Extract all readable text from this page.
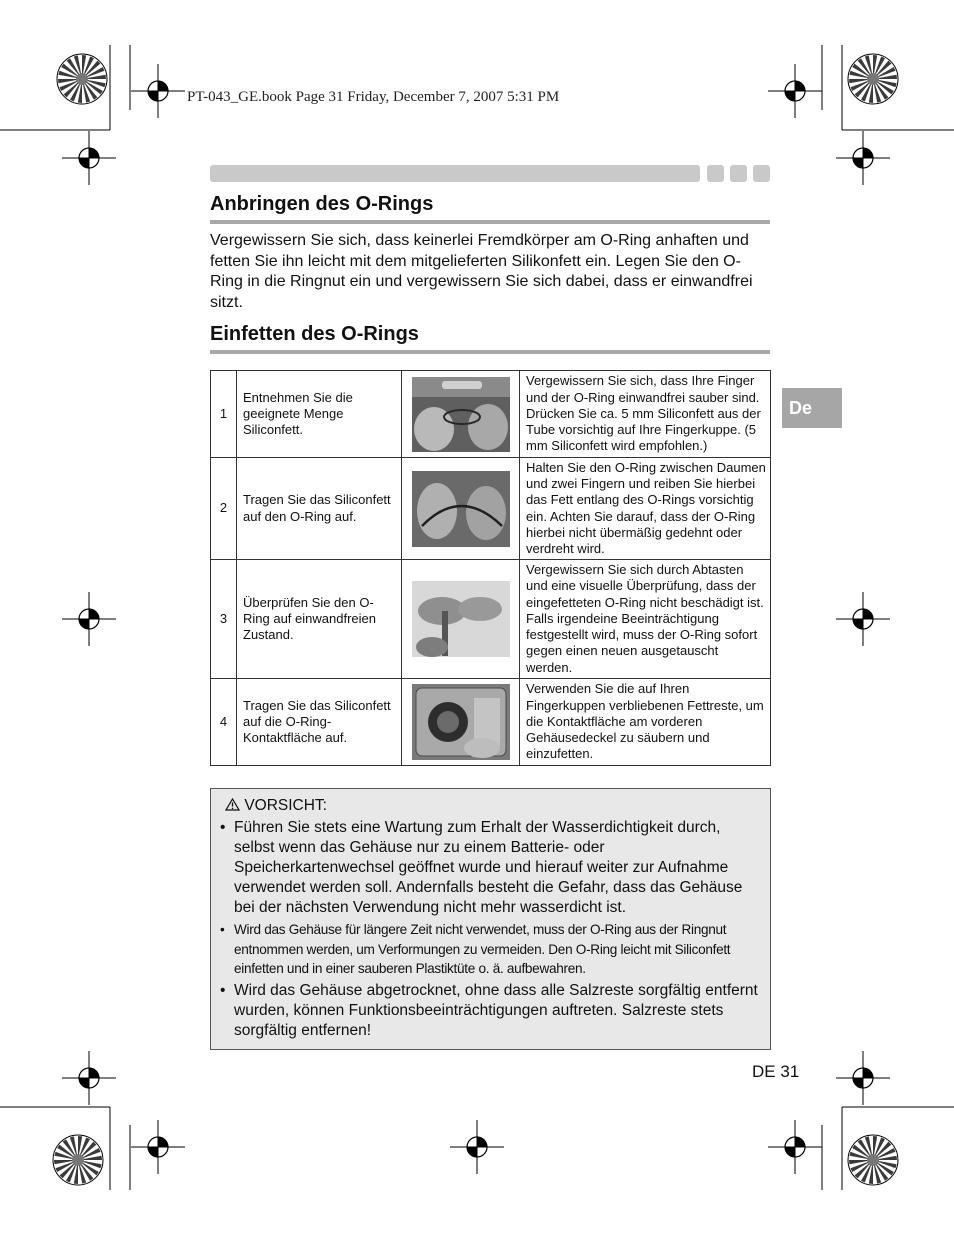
PT-043_GE.book Page 31 Friday, December 7, 2007 5:31 PM
Anbringen des O-Rings

Vergewissern Sie sich, dass keinerlei Fremdkörper am O-Ring anhaften und fetten Sie ihn leicht mit dem mitgelieferten Silikonfett ein. Legen Sie den O-Ring in die Ringnut ein und vergewissern Sie sich dabei, dass er einwandfrei sitzt.

Einfetten des O-Rings
De
1	Entnehmen Sie die geeignete Menge Siliconfett.		Vergewissern Sie sich, dass Ihre Finger und der O-Ring einwandfrei sauber sind. Drücken Sie ca. 5 mm Siliconfett aus der Tube vorsichtig auf Ihre Fingerkuppe. (5 mm Siliconfett wird empfohlen.)
2	Tragen Sie das Siliconfett auf den O-Ring auf.		Halten Sie den O-Ring zwischen Daumen und zwei Fingern und reiben Sie hierbei das Fett entlang des O-Rings vorsichtig ein. Achten Sie darauf, dass der O-Ring hierbei nicht übermäßig gedehnt oder verdreht wird.
3	Überprüfen Sie den O-Ring auf einwandfreien Zustand.		Vergewissern Sie sich durch Abtasten und eine visuelle Überprüfung, dass der eingefetteten O-Ring nicht beschädigt ist. Falls irgendeine Beeinträchtigung festgestellt wird, muss der O-Ring sofort gegen einen neuen ausgetauscht werden.
4	Tragen Sie das Siliconfett auf die O-Ring- Kontaktfläche auf.		Verwenden Sie die auf Ihren Fingerkuppen verbliebenen Fettreste, um die Kontaktfläche am vorderen Gehäusedeckel zu säubern und einzufetten.
VORSICHT:
• Führen Sie stets eine Wartung zum Erhalt der Wasserdichtigkeit durch, selbst wenn das Gehäuse nur zu einem Batterie- oder Speicherkartenwechsel geöffnet wurde und hierauf weiter zur Aufnahme verwendet werden soll. Andernfalls besteht die Gefahr, dass das Gehäuse bei der nächsten Verwendung nicht mehr wasserdicht ist.
• Wird das Gehäuse für längere Zeit nicht verwendet, muss der O-Ring aus der Ringnut entnommen werden, um Verformungen zu vermeiden. Den O-Ring leicht mit Siliconfett einfetten und in einer sauberen Plastiktüte o. ä. aufbewahren.
• Wird das Gehäuse abgetrocknet, ohne dass alle Salzreste sorgfältig entfernt wurden, können Funktionsbeeinträchtigungen auftreten. Salzreste stets sorgfältig entfernen!
DE 31
